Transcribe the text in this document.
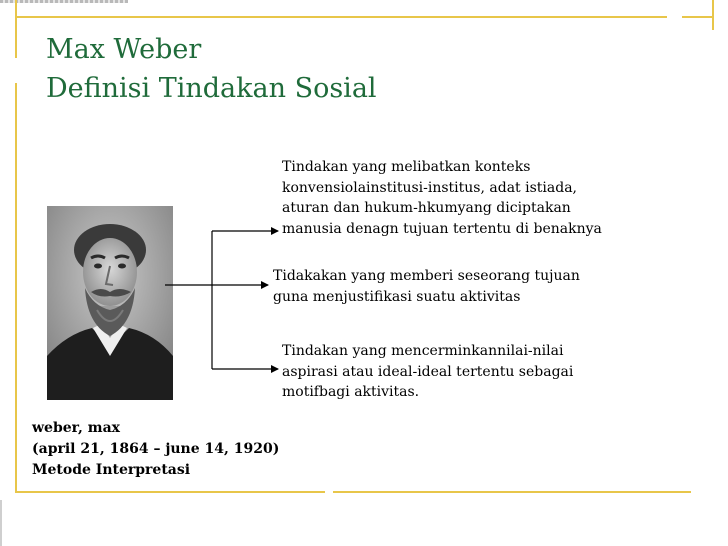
Max Weber
Definisi Tindakan Sosial
weber, max
(april 21, 1864 – june 14, 1920)
Metode Interpretasi
Tindakan yang melibatkan konteks
konvensiolainstitusi-institus, adat istiada,
aturan dan hukum-hkumyang diciptakan
manusia denagn tujuan tertentu di benaknya
Tidakakan yang memberi seseorang tujuan
guna menjustifikasi suatu aktivitas
Tindakan yang mencerminkannilai-nilai
aspirasi atau ideal-ideal tertentu sebagai
motifbagi aktivitas.
